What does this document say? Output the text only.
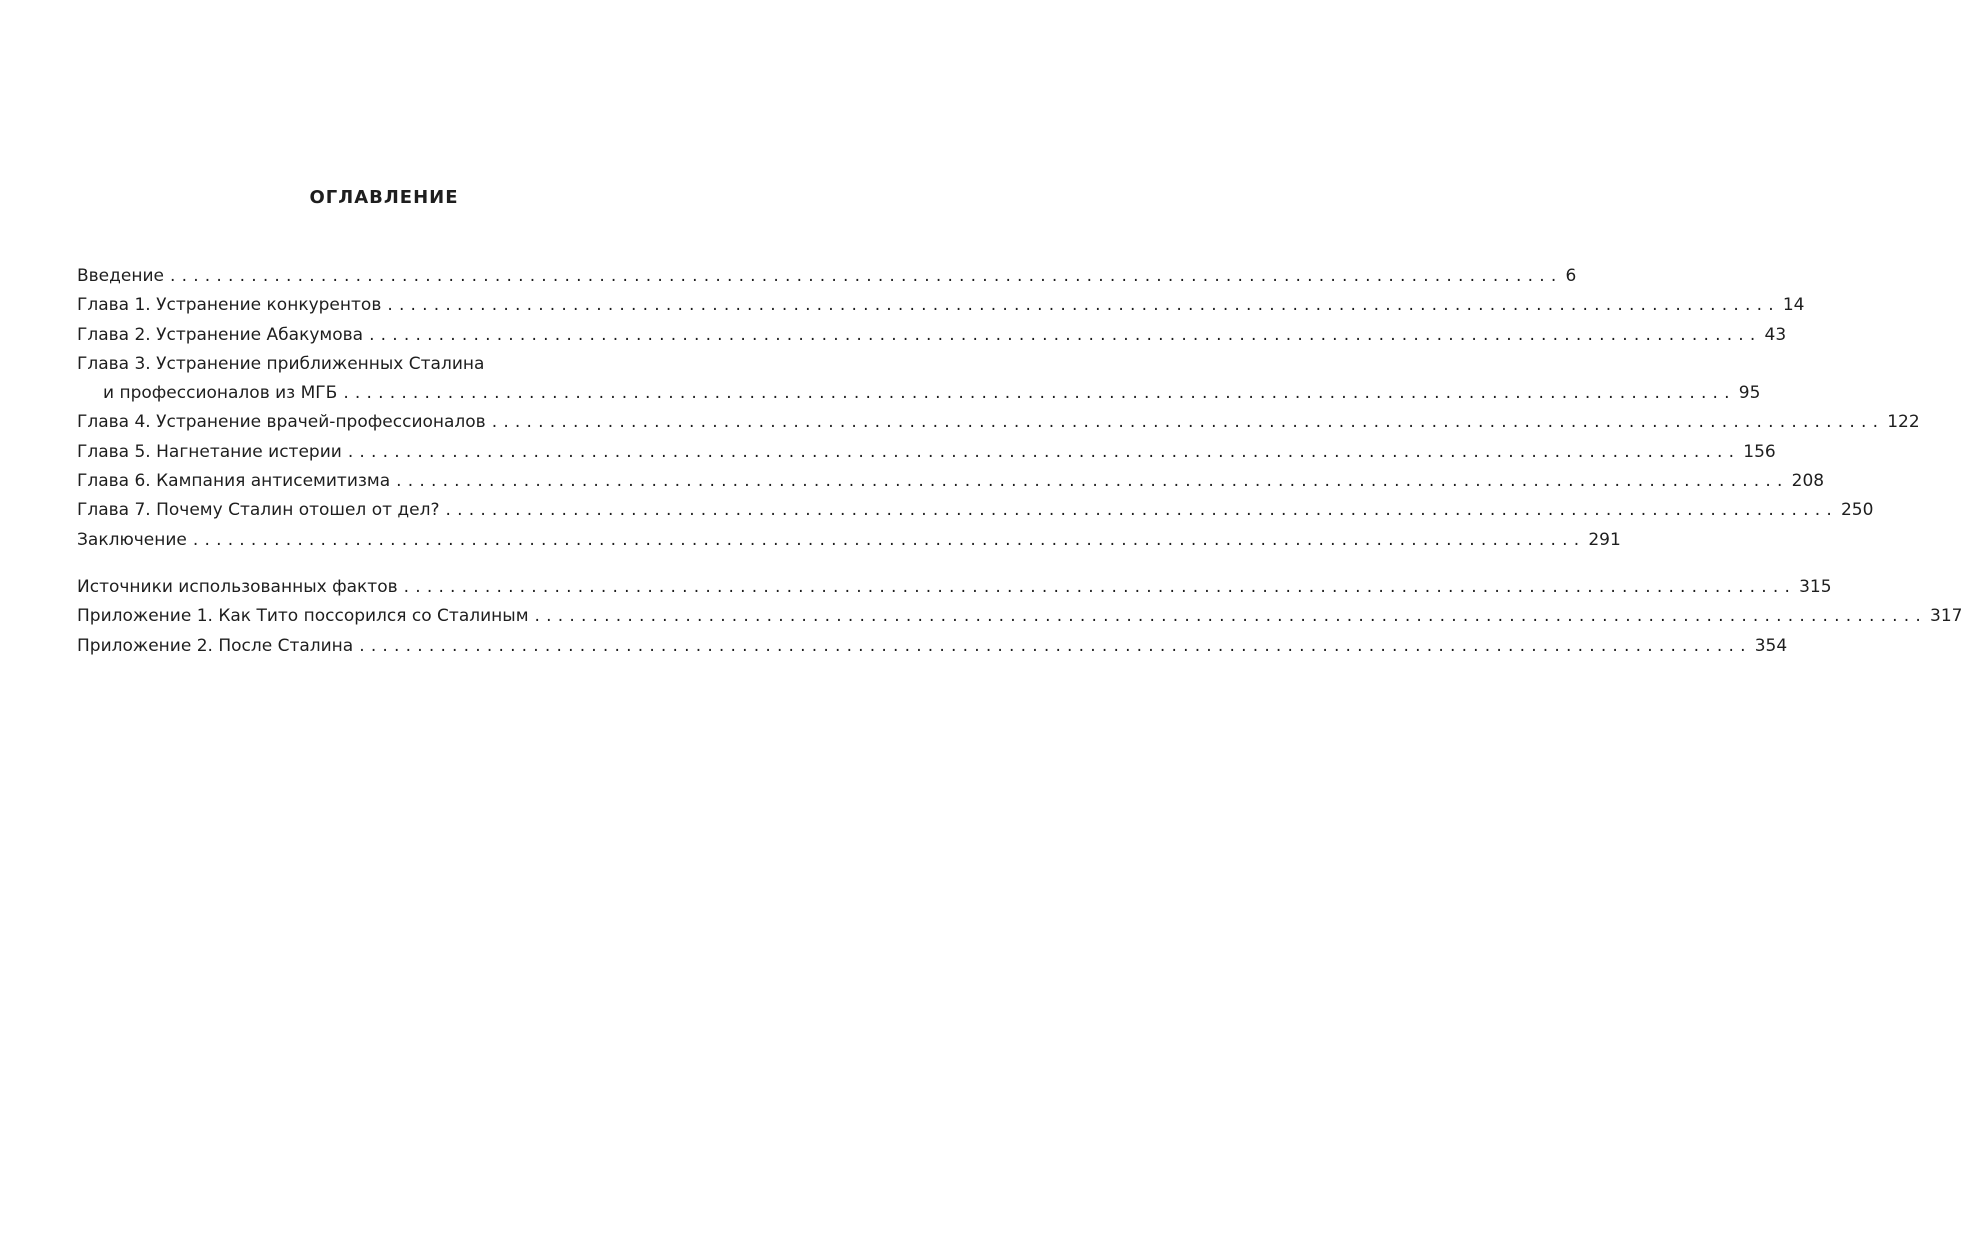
ОГЛАВЛЕНИЕ
Введение ........................................................................................................................ 6
Глава 1. Устранение конкурентов ........................................................................................................................ 14
Глава 2. Устранение Абакумова ........................................................................................................................ 43
Глава 3. Устранение приближенных Сталина
и профессионалов из МГБ ........................................................................................................................ 95
Глава 4. Устранение врачей-профессионалов ........................................................................................................................ 122
Глава 5. Нагнетание истерии ........................................................................................................................ 156
Глава 6. Кампания антисемитизма ........................................................................................................................ 208
Глава 7. Почему Сталин отошел от дел? ........................................................................................................................ 250
Заключение ........................................................................................................................ 291
Источники использованных фактов ........................................................................................................................ 315
Приложение 1. Как Тито поссорился со Сталиным ........................................................................................................................ 317
Приложение 2. После Сталина ........................................................................................................................ 354
